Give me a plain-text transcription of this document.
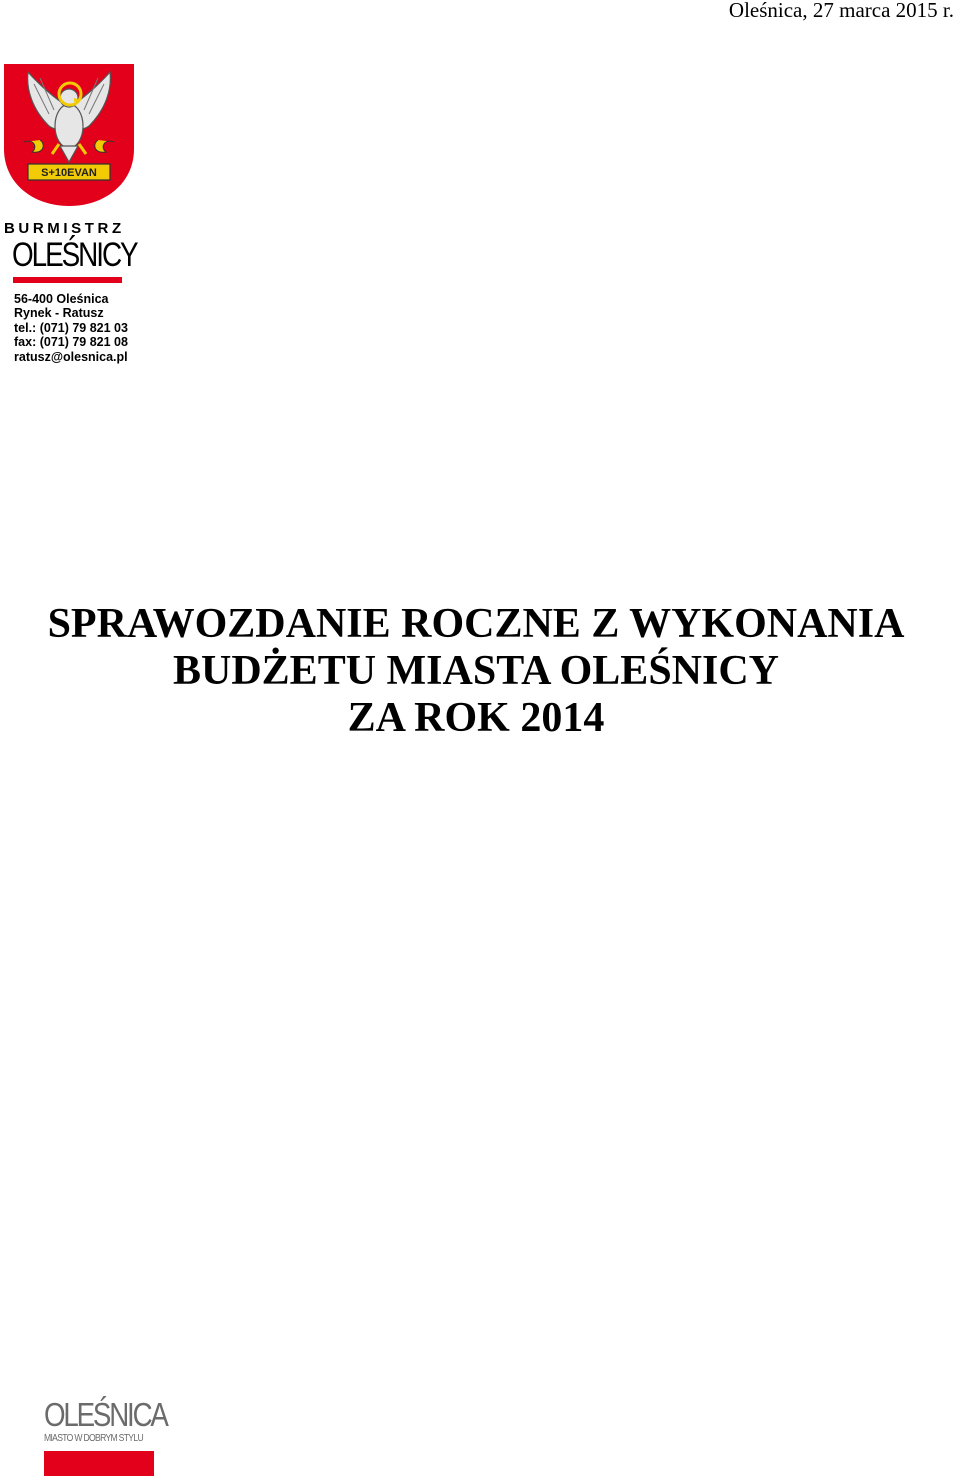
Oleśnica, 27 marca 2015 r.
S+10EVAN
BURMISTRZ
OLEŚNICY
56-400 Oleśnica
Rynek - Ratusz
tel.: (071) 79 821 03
fax: (071) 79 821 08
ratusz@olesnica.pl
SPRAWOZDANIE ROCZNE Z WYKONANIA
BUDŻETU MIASTA OLEŚNICY
ZA ROK 2014
OLEŚNICA
MIASTO W DOBRYM STYLU
